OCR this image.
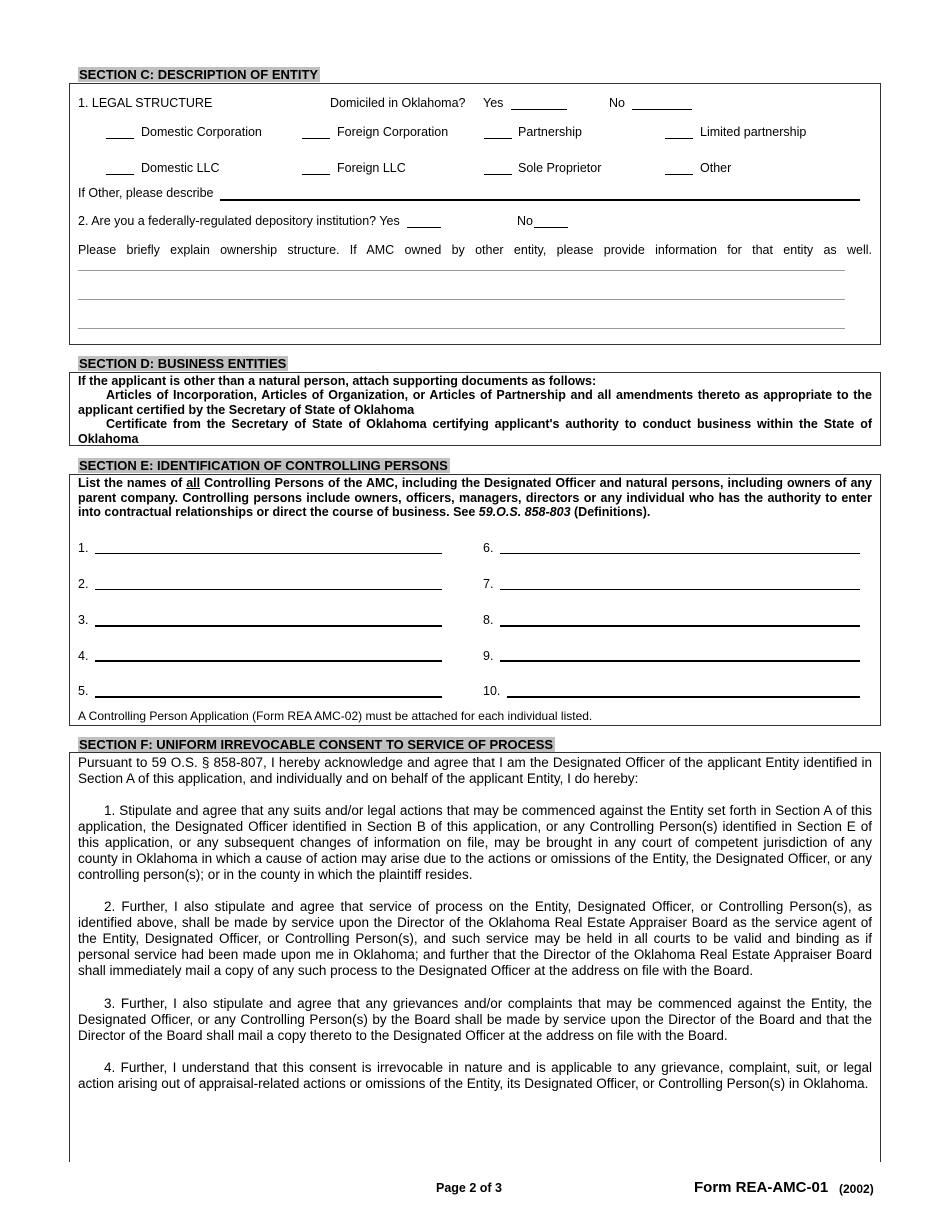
SECTION C: DESCRIPTION OF ENTITY
1. LEGAL STRUCTURE	Domiciled in Oklahoma? Yes	No
Domestic Corporation	Foreign Corporation	Partnership	Limited partnership
Domestic LLC	Foreign LLC	Sole Proprietor	Other
If Other, please describe
2. Are you a federally-regulated depository institution? Yes	No
Please briefly explain ownership structure. If AMC owned by other entity, please provide information for that entity as well.
SECTION D: BUSINESS ENTITIES
If the applicant is other than a natural person, attach supporting documents as follows:
Articles of Incorporation, Articles of Organization, or Articles of Partnership and all amendments thereto as appropriate to the applicant certified by the Secretary of State of Oklahoma
Certificate from the Secretary of State of Oklahoma certifying applicant's authority to conduct business within the State of Oklahoma
SECTION E: IDENTIFICATION OF CONTROLLING PERSONS
List the names of all Controlling Persons of the AMC, including the Designated Officer and natural persons, including owners of any parent company. Controlling persons include owners, officers, managers, directors or any individual who has the authority to enter into contractual relationships or direct the course of business. See 59.O.S. 858-803 (Definitions).
1.
2.
3.
4.
5.
6.
7.
8.
9.
10.
A Controlling Person Application (Form REA AMC-02) must be attached for each individual listed.
SECTION F: UNIFORM IRREVOCABLE CONSENT TO SERVICE OF PROCESS
Pursuant to 59 O.S. § 858-807, I hereby acknowledge and agree that I am the Designated Officer of the applicant Entity identified in Section A of this application, and individually and on behalf of the applicant Entity, I do hereby:
1. Stipulate and agree that any suits and/or legal actions that may be commenced against the Entity set forth in Section A of this application, the Designated Officer identified in Section B of this application, or any Controlling Person(s) identified in Section E of this application, or any subsequent changes of information on file, may be brought in any court of competent jurisdiction of any county in Oklahoma in which a cause of action may arise due to the actions or omissions of the Entity, the Designated Officer, or any controlling person(s); or in the county in which the plaintiff resides.
2. Further, I also stipulate and agree that service of process on the Entity, Designated Officer, or Controlling Person(s), as identified above, shall be made by service upon the Director of the Oklahoma Real Estate Appraiser Board as the service agent of the Entity, Designated Officer, or Controlling Person(s), and such service may be held in all courts to be valid and binding as if personal service had been made upon me in Oklahoma; and further that the Director of the Oklahoma Real Estate Appraiser Board shall immediately mail a copy of any such process to the Designated Officer at the address on file with the Board.
3. Further, I also stipulate and agree that any grievances and/or complaints that may be commenced against the Entity, the Designated Officer, or any Controlling Person(s) by the Board shall be made by service upon the Director of the Board and that the Director of the Board shall mail a copy thereto to the Designated Officer at the address on file with the Board.
4. Further, I understand that this consent is irrevocable in nature and is applicable to any grievance, complaint, suit, or legal action arising out of appraisal-related actions or omissions of the Entity, its Designated Officer, or Controlling Person(s) in Oklahoma.
Page 2 of 3	Form REA-AMC-01 (2002)
